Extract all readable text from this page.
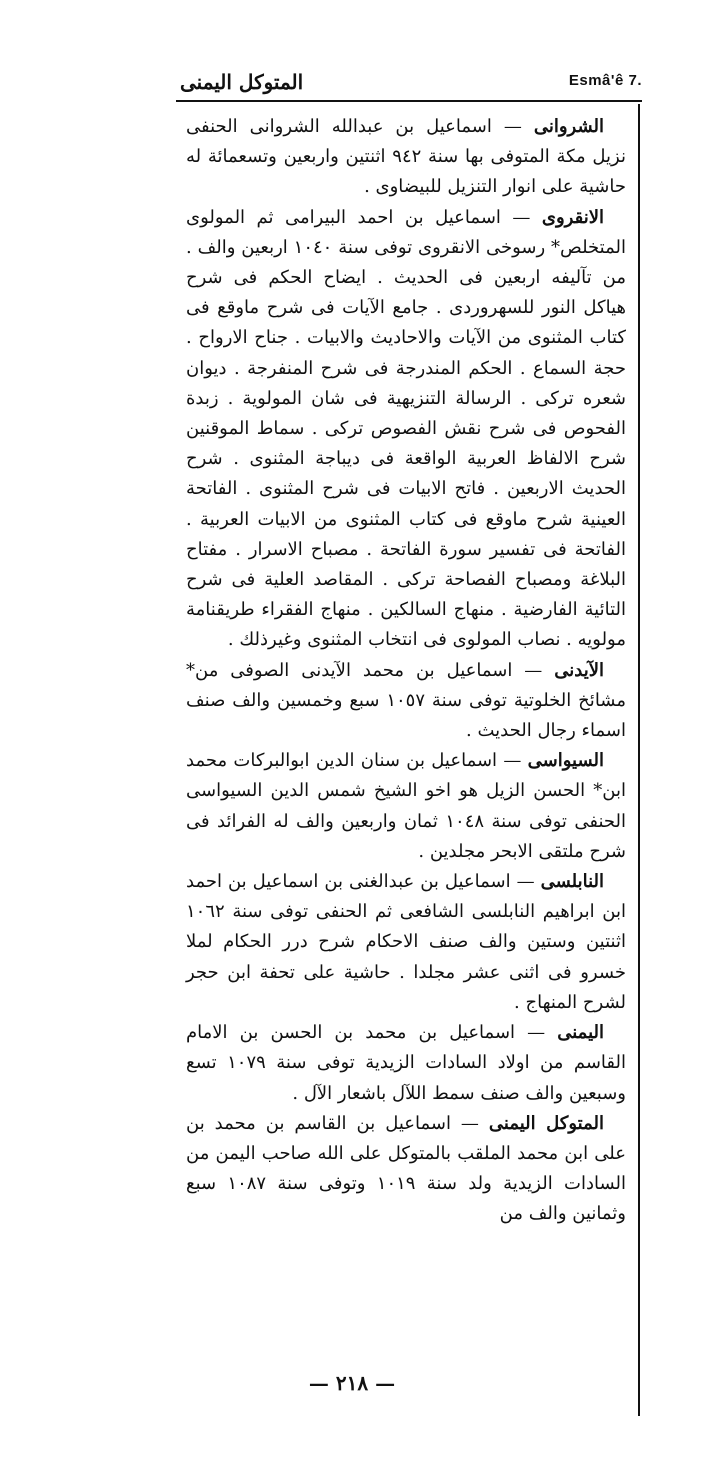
المتوكل اليمنى	Esmâ'ê 7.

الشروانى — اسماعيل بن عبدالله الشروانى الحنفى نزيل مكة المتوفى بها سنة ٩٤٢ اثنتين واربعين وتسعمائة له حاشية على انوار التنزيل للبيضاوى .

الانقروى — اسماعيل بن احمد البيرامى ثم المولوى المتخلص* رسوخى الانقروى توفى سنة ١٠٤٠ اربعين والف . من تآليفه اربعين فى الحديث . ايضاح الحكم فى شرح هياكل النور للسهروردى . جامع الآيات فى شرح ماوقع فى كتاب المثنوى من الآيات والاحاديث والابيات . جناح الارواح . حجة السماع . الحكم المندرجة فى شرح المنفرجة . ديوان شعره تركى . الرسالة التنزيهية فى شان المولوية . زبدة الفحوص فى شرح نقش الفصوص تركى . سماط الموقنين شرح الالفاظ العربية الواقعة فى ديباجة المثنوى . شرح الحديث الاربعين . فاتح الابيات فى شرح المثنوى . الفاتحة العينية شرح ماوقع فى كتاب المثنوى من الابيات العربية . الفاتحة فى تفسير سورة الفاتحة . مصباح الاسرار . مفتاح البلاغة ومصباح الفصاحة تركى . المقاصد العلية فى شرح التائية الفارضية . منهاج السالكين . منهاج الفقراء طريقنامة مولويه . نصاب المولوى فى انتخاب المثنوى وغيرذلك .

الآيدنى — اسماعيل بن محمد الآيدنى الصوفى من* مشائخ الخلوتية توفى سنة ١٠٥٧ سبع وخمسين والف صنف اسماء رجال الحديث .

السيواسى — اسماعيل بن سنان الدين ابوالبركات محمد ابن* الحسن الزيل هو اخو الشيخ شمس الدين السيواسى الحنفى توفى سنة ١٠٤٨ ثمان واربعين والف له الفرائد فى شرح ملتقى الابحر مجلدين .

النابلسى — اسماعيل بن عبدالغنى بن اسماعيل بن احمد ابن ابراهيم النابلسى الشافعى ثم الحنفى توفى سنة ١٠٦٢ اثنتين وستين والف صنف الاحكام شرح درر الحكام لملا خسرو فى اثنى عشر مجلدا . حاشية على تحفة ابن حجر لشرح المنهاج .

اليمنى — اسماعيل بن محمد بن الحسن بن الامام القاسم من اولاد السادات الزيدية توفى سنة ١٠٧٩ تسع وسبعين والف صنف سمط اللآل باشعار الآل .

المتوكل اليمنى — اسماعيل بن القاسم بن محمد بن على ابن محمد الملقب بالمتوكل على الله صاحب اليمن من السادات الزيدية ولد سنة ١٠١٩ وتوفى سنة ١٠٨٧ سبع وثمانين والف من

— ٢١٨ —
